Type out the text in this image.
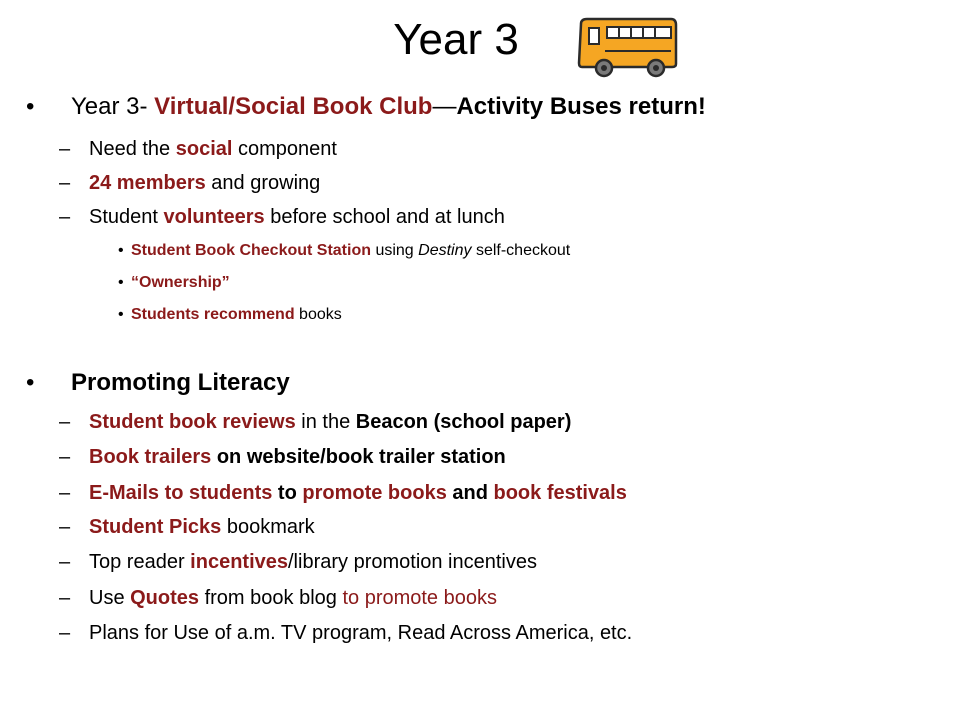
Year 3
• Year 3- Virtual/Social Book Club—Activity Buses return!
– Need the social component
– 24 members and growing
– Student volunteers before school and at lunch
• Student Book Checkout Station using Destiny self-checkout
• “Ownership”
• Students recommend books
• Promoting Literacy
– Student book reviews in the Beacon (school paper)
– Book trailers on website/book trailer station
– E-Mails to students to promote books and book festivals
– Student Picks bookmark
– Top reader incentives/library promotion incentives
– Use Quotes from book blog to promote books
– Plans for Use of a.m. TV program, Read Across America, etc.
